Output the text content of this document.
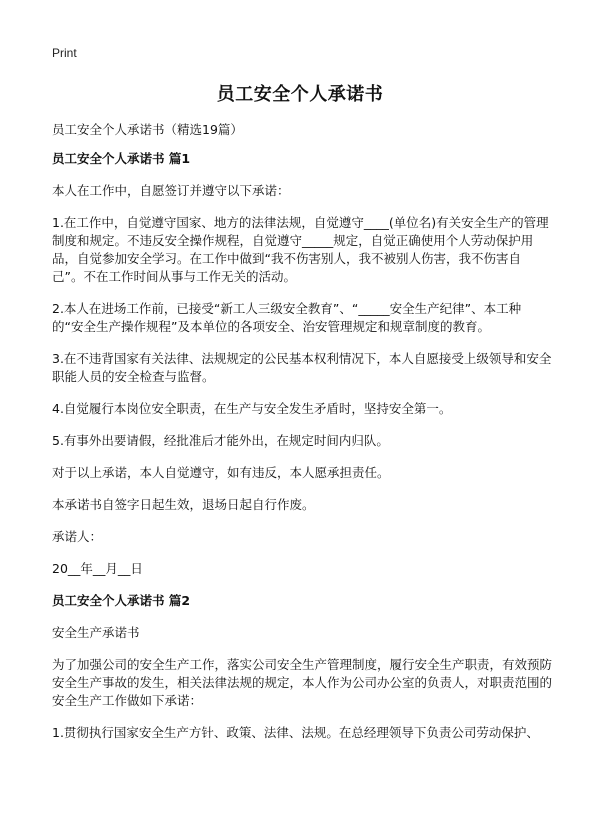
Print
员工安全个人承诺书
员工安全个人承诺书（精选19篇）
员工安全个人承诺书 篇1

本人在工作中，自愿签订并遵守以下承诺：

1.在工作中，自觉遵守国家、地方的法律法规，自觉遵守____(单位名)有关安全生产的管理制度和规定。不违反安全操作规程，自觉遵守_____规定，自觉正确使用个人劳动保护用品，自觉参加安全学习。在工作中做到“我不伤害别人，我不被别人伤害，我不伤害自己”。不在工作时间从事与工作无关的活动。

2.本人在进场工作前，已接受“新工人三级安全教育”、“_____安全生产纪律”、本工种的“安全生产操作规程”及本单位的各项安全、治安管理规定和规章制度的教育。

3.在不违背国家有关法律、法规规定的公民基本权利情况下，本人自愿接受上级领导和安全职能人员的安全检查与监督。

4.自觉履行本岗位安全职责，在生产与安全发生矛盾时，坚持安全第一。

5.有事外出要请假，经批准后才能外出，在规定时间内归队。

对于以上承诺，本人自觉遵守，如有违反，本人愿承担责任。

本承诺书自签字日起生效，退场日起自行作废。

承诺人：

20__年__月__日

员工安全个人承诺书 篇2

安全生产承诺书

为了加强公司的安全生产工作，落实公司安全生产管理制度，履行安全生产职责，有效预防安全生产事故的发生，相关法律法规的规定，本人作为公司办公室的负责人，对职责范围的安全生产工作做如下承诺：

1.贯彻执行国家安全生产方针、政策、法律、法规。在总经理领导下负责公司劳动保护、
